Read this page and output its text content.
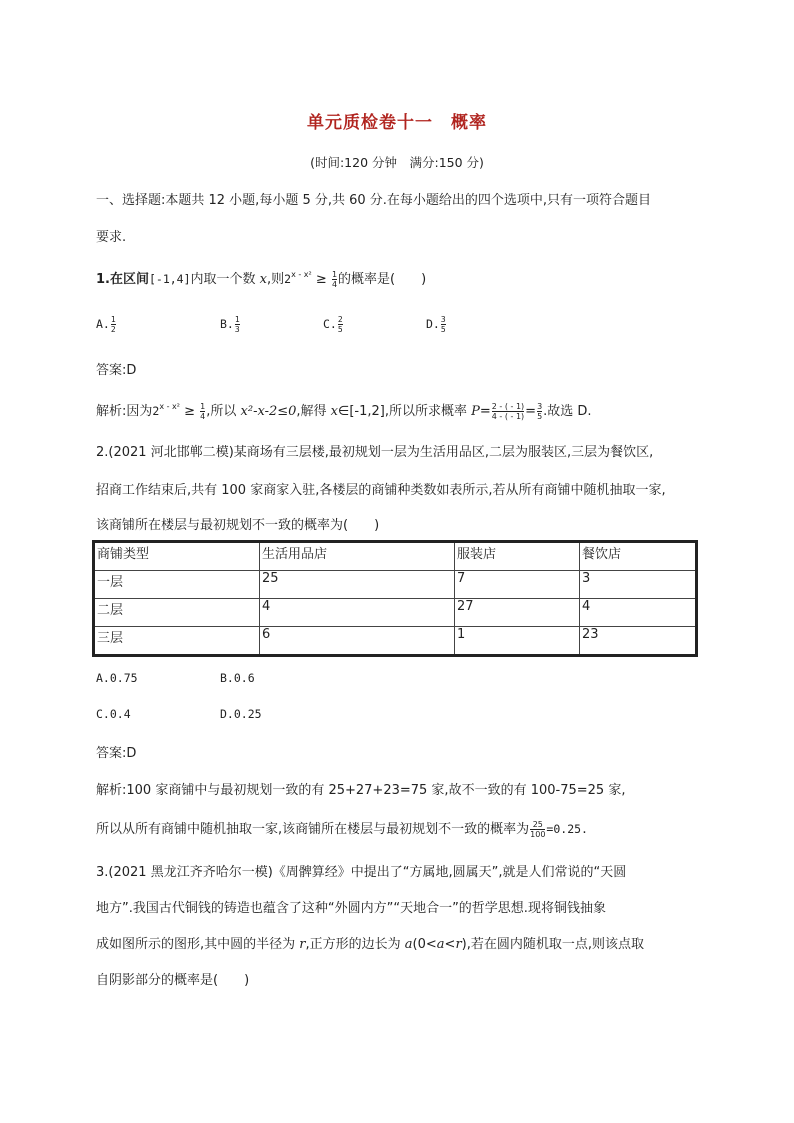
单元质检卷十一　概率
(时间:120 分钟　满分:150 分)
一、选择题:本题共 12 小题,每小题 5 分,共 60 分.在每小题给出的四个选项中,只有一项符合题目
要求.
1.在区间[-1,4]内取一个数 x,则$2^{x - x^2} \ge \frac{1}{4}$ 的概率是(　　)
A. $\frac{1}{2}$	B. $\frac{1}{3}$	C. $\frac{2}{5}$	D. $\frac{3}{5}$
答案:D
解析:因为$2^{x - x^2} \ge \frac{1}{4}$ ,所以 x²-x-2≤0,解得 x∈[-1,2],所以所求概率 $P= \frac{2 - ( - 1)}{4 - ( - 1)} = \frac{3}{5}$ .故选 D.
2.(2021 河北邯郸二模)某商场有三层楼,最初规划一层为生活用品区,二层为服装区,三层为餐饮区,
招商工作结束后,共有 100 家商家入驻,各楼层的商铺种类数如表所示,若从所有商铺中随机抽取一家,
该商铺所在楼层与最初规划不一致的概率为(　　)
商铺类型	生活用品店	服装店	餐饮店
一层	25	7	3
二层	4	27	4
三层	6	1	23
A.0.75	B.0.6
C.0.4	D.0.25
答案:D
解析:100 家商铺中与最初规划一致的有 25+27+23=75 家,故不一致的有 100-75=25 家,
所以从所有商铺中随机抽取一家,该商铺所在楼层与最初规划不一致的概率为 $\frac{25}{100} =0.25$.
3.(2021 黑龙江齐齐哈尔一模)《周髀算经》中提出了“方属地,圆属天”,就是人们常说的“天圆
地方”.我国古代铜钱的铸造也蕴含了这种“外圆内方”“天地合一”的哲学思想.现将铜钱抽象
成如图所示的图形,其中圆的半径为 r,正方形的边长为 a(0<a<r),若在圆内随机取一点,则该点取
自阴影部分的概率是(　　)
